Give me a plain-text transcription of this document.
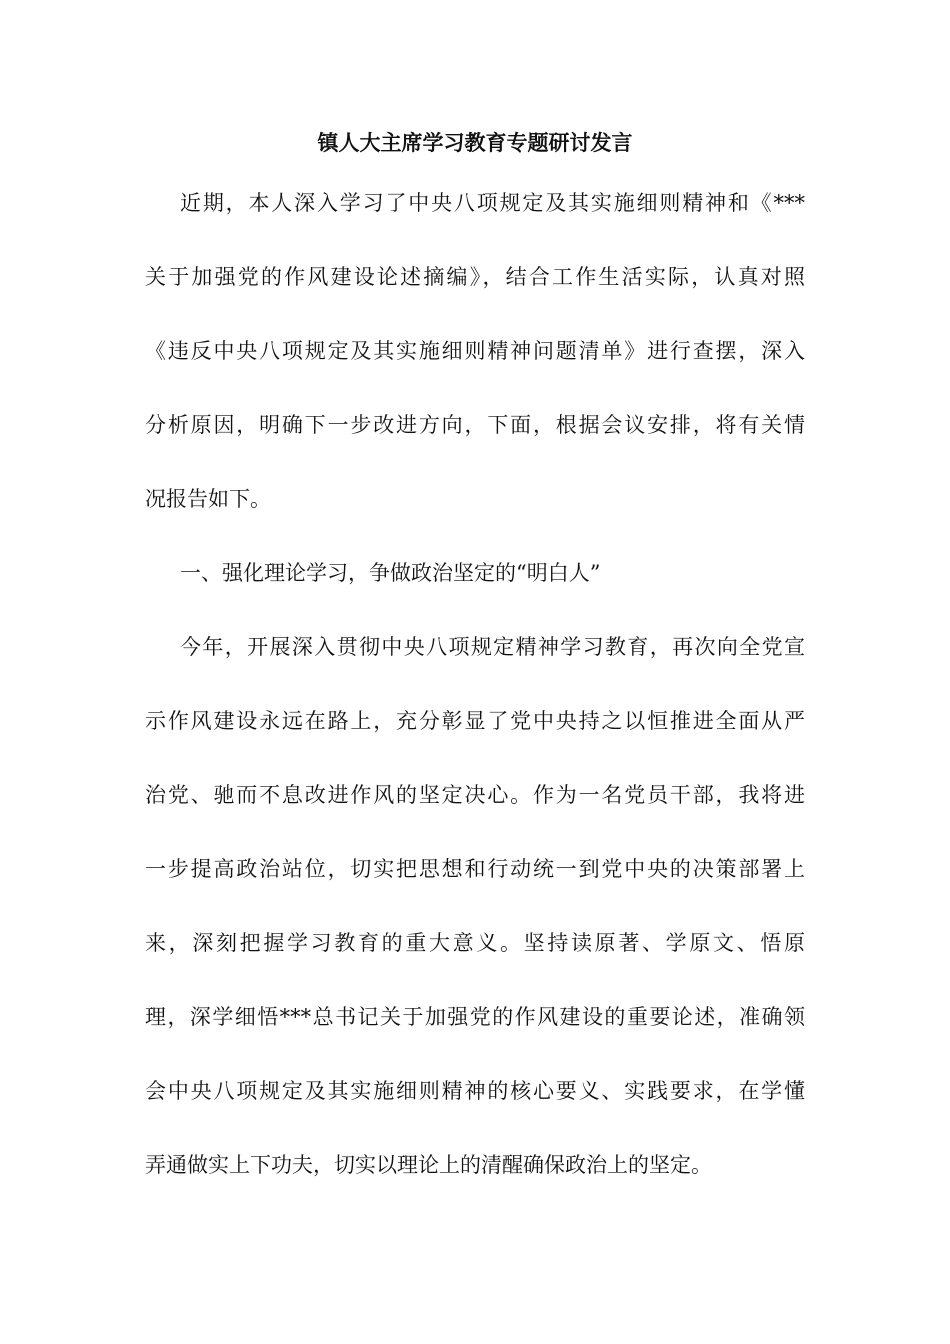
镇人大主席学习教育专题研讨发言
近期，本人深入学习了中央八项规定及其实施细则精神和《***
关于加强党的作风建设论述摘编》，结合工作生活实际，认真对照
《违反中央八项规定及其实施细则精神问题清单》进行查摆，深入
分析原因，明确下一步改进方向，下面，根据会议安排，将有关情
况报告如下。
一、强化理论学习，争做政治坚定的“明白人”
今年，开展深入贯彻中央八项规定精神学习教育，再次向全党宣
示作风建设永远在路上，充分彰显了党中央持之以恒推进全面从严
治党、驰而不息改进作风的坚定决心。作为一名党员干部，我将进
一步提高政治站位，切实把思想和行动统一到党中央的决策部署上
来，深刻把握学习教育的重大意义。坚持读原著、学原文、悟原
理，深学细悟***总书记关于加强党的作风建设的重要论述，准确领
会中央八项规定及其实施细则精神的核心要义、实践要求，在学懂
弄通做实上下功夫，切实以理论上的清醒确保政治上的坚定。
